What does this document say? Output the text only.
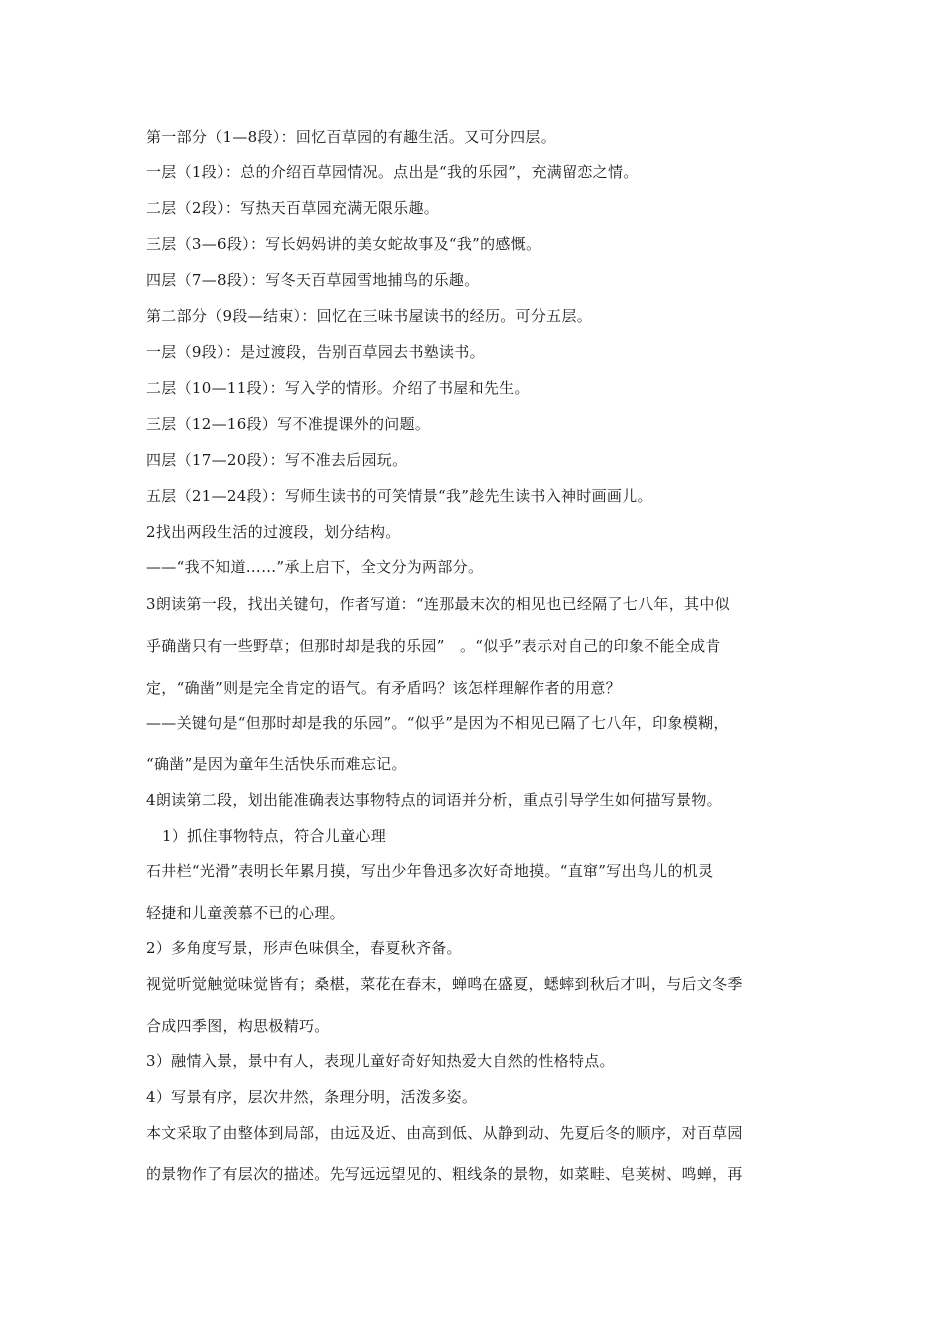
第一部分（1—8段）：回忆百草园的有趣生活。又可分四层。
一层（1段）：总的介绍百草园情况。点出是“我的乐园”，充满留恋之情。
二层（2段）：写热天百草园充满无限乐趣。
三层（3—6段）：写长妈妈讲的美女蛇故事及“我”的感慨。
四层（7—8段）：写冬天百草园雪地捕鸟的乐趣。
第二部分（9段—结束）：回忆在三味书屋读书的经历。可分五层。
一层（9段）：是过渡段，告别百草园去书塾读书。
二层（10—11段）：写入学的情形。介绍了书屋和先生。
三层（12—16段）写不准提课外的问题。
四层（17—20段）：写不准去后园玩。
五层（21—24段）：写师生读书的可笑情景“我”趁先生读书入神时画画儿。
2找出两段生活的过渡段，划分结构。
——“我不知道……”承上启下，全文分为两部分。
3朗读第一段，找出关键句，作者写道：“连那最末次的相见也已经隔了七八年，其中似
乎确凿只有一些野草；但那时却是我的乐园”　。“似乎”表示对自己的印象不能全成肯
定，“确凿”则是完全肯定的语气。有矛盾吗？该怎样理解作者的用意？
——关键句是“但那时却是我的乐园”。“似乎”是因为不相见已隔了七八年，印象模糊，
“确凿”是因为童年生活快乐而难忘记。
4朗读第二段，划出能准确表达事物特点的词语并分析，重点引导学生如何描写景物。
1）抓住事物特点，符合儿童心理
石井栏“光滑”表明长年累月摸，写出少年鲁迅多次好奇地摸。“直窜”写出鸟儿的机灵
轻捷和儿童羡慕不已的心理。
2）多角度写景，形声色味俱全，春夏秋齐备。
视觉听觉触觉味觉皆有；桑椹，菜花在春末，蝉鸣在盛夏，蟋蟀到秋后才叫，与后文冬季
合成四季图，构思极精巧。
3）融情入景，景中有人，表现儿童好奇好知热爱大自然的性格特点。
4）写景有序，层次井然，条理分明，活泼多姿。
本文采取了由整体到局部，由远及近、由高到低、从静到动、先夏后冬的顺序，对百草园
的景物作了有层次的描述。先写远远望见的、粗线条的景物，如菜畦、皂荚树、鸣蝉，再
